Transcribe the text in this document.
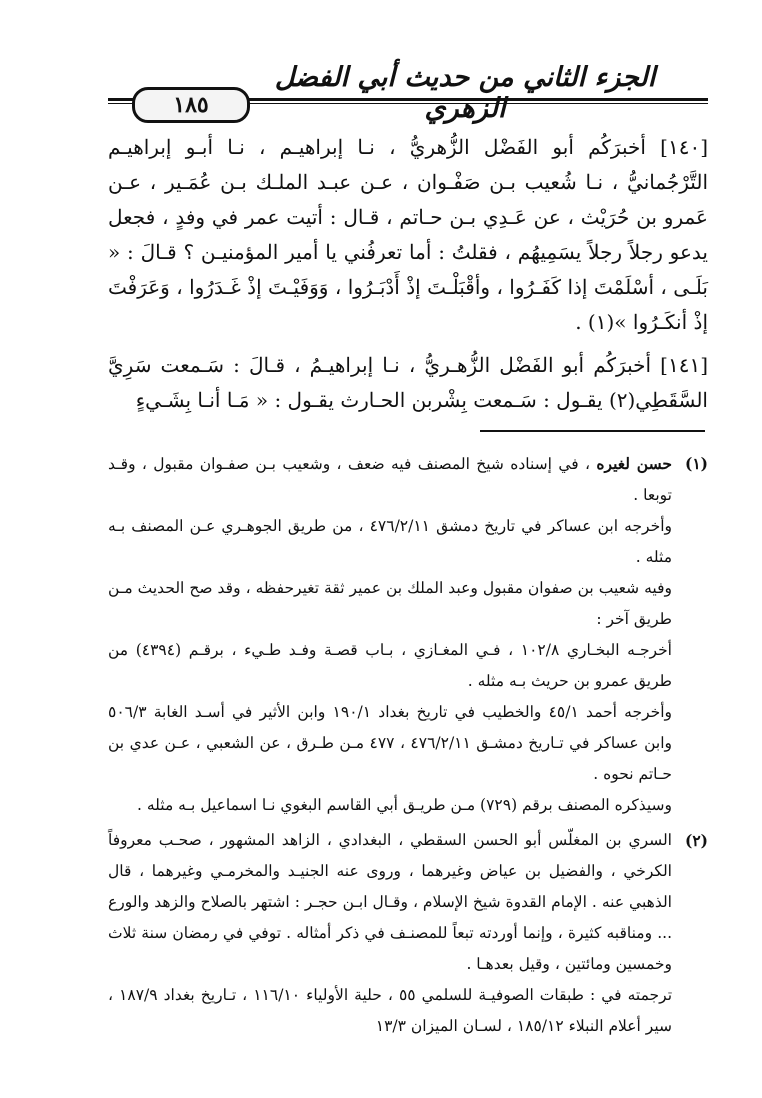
الجزء الثاني من حديث أبي الفضل الزهري
١٨٥

[١٤٠] أخبرَكُم أبو الفَضْل الزُّهريُّ ، نـا إبراهيـم ، نـا أبـو إبراهيـم التَّرْجُمانيُّ ، نـا شُعيب بـن صَفْـوان ، عـن عبـد الملـك بـن عُمَـير ، عـن عَمرو بن حُرَيْث ، عن عَـدِي بـن حـاتم ، قـال : أتيت عمر في وفدٍ ، فجعل يدعو رجلاً رجلاً يسَمِيهُم ، فقلتُ : أما تعرفُني يا أمير المؤمنيـن ؟ قـالَ : « بَلَـى ، أسْلَمْتَ إذا كَفَـرُوا ، وأقْبَلْـتَ إذْ أَدْبَـرُوا ، وَوَفَيْـتَ إذْ غَـدَرُوا ، وَعَرَفْتَ إذْ أنكَـرُوا »(١) .

[١٤١] أخبرَكُم أبو الفَضْل الزُّهـريُّ ، نـا إبراهيـمُ ، قـالَ : سَـمعت سَرِيَّ السَّقَطِي(٢) يقـول : سَـمعت بِشْربن الحـارث يقـول : « مَـا أنـا بِشَـيءٍ

(١)

حسن لغيره ، في إسناده شيخ المصنف فيه ضعف ، وشعيب بـن صفـوان مقبول ، وقـد توبعا .

وأخرجه ابن عساكر في تاريخ دمشق ٤٧٦/٢/١١ ، من طريق الجوهـري عـن المصنف بـه مثله .

وفيه شعيب بن صفوان مقبول وعبد الملك بن عمير ثقة تغيرحفظه ، وقد صح الحديث مـن طريق آخر :

أخرجـه البخـاري ١٠٢/٨ ، فـي المغـازي ، بـاب قصـة وفـد طـيء ، برقـم (٤٣٩٤) من طريق عمرو بن حريث بـه مثله .

وأخرجه أحمد ٤٥/١ والخطيب في تاريخ بغداد ١٩٠/١ وابن الأثير في أسـد الغابة ٥٠٦/٣ وابن عساكر في تـاريخ دمشـق ٤٧٦/٢/١١ ، ٤٧٧ مـن طـرق ، عن الشعبي ، عـن عدي بن حـاتم نحوه .

وسيذكره المصنف برقم (٧٢٩) مـن طريـق أبي القاسم البغوي نـا اسماعيل بـه مثله .

(٢)

السري بن المغلّس أبو الحسن السقطي ، البغدادي ، الزاهد المشهور ، صحـب معروفاً الكرخي ، والفضيل بن عياض وغيرهما ، وروى عنه الجنيـد والمخرمـي وغيرهما ، قال الذهبي عنه . الإمام القدوة شيخ الإسلام ، وقـال ابـن حجـر : اشتهر بالصلاح والزهد والورع ... ومناقبه كثيرة ، وإنما أوردته تبعاً للمصنـف في ذكر أمثاله . توفي في رمضان سنة ثلاث وخمسين ومائتين ، وقيل بعدهـا .

ترجمته في : طبقات الصوفيـة للسلمي ٥٥ ، حلية الأولياء ١١٦/١٠ ، تـاريخ بغداد ١٨٧/٩ ، سير أعلام النبلاء ١٨٥/١٢ ، لسـان الميزان ١٣/٣
